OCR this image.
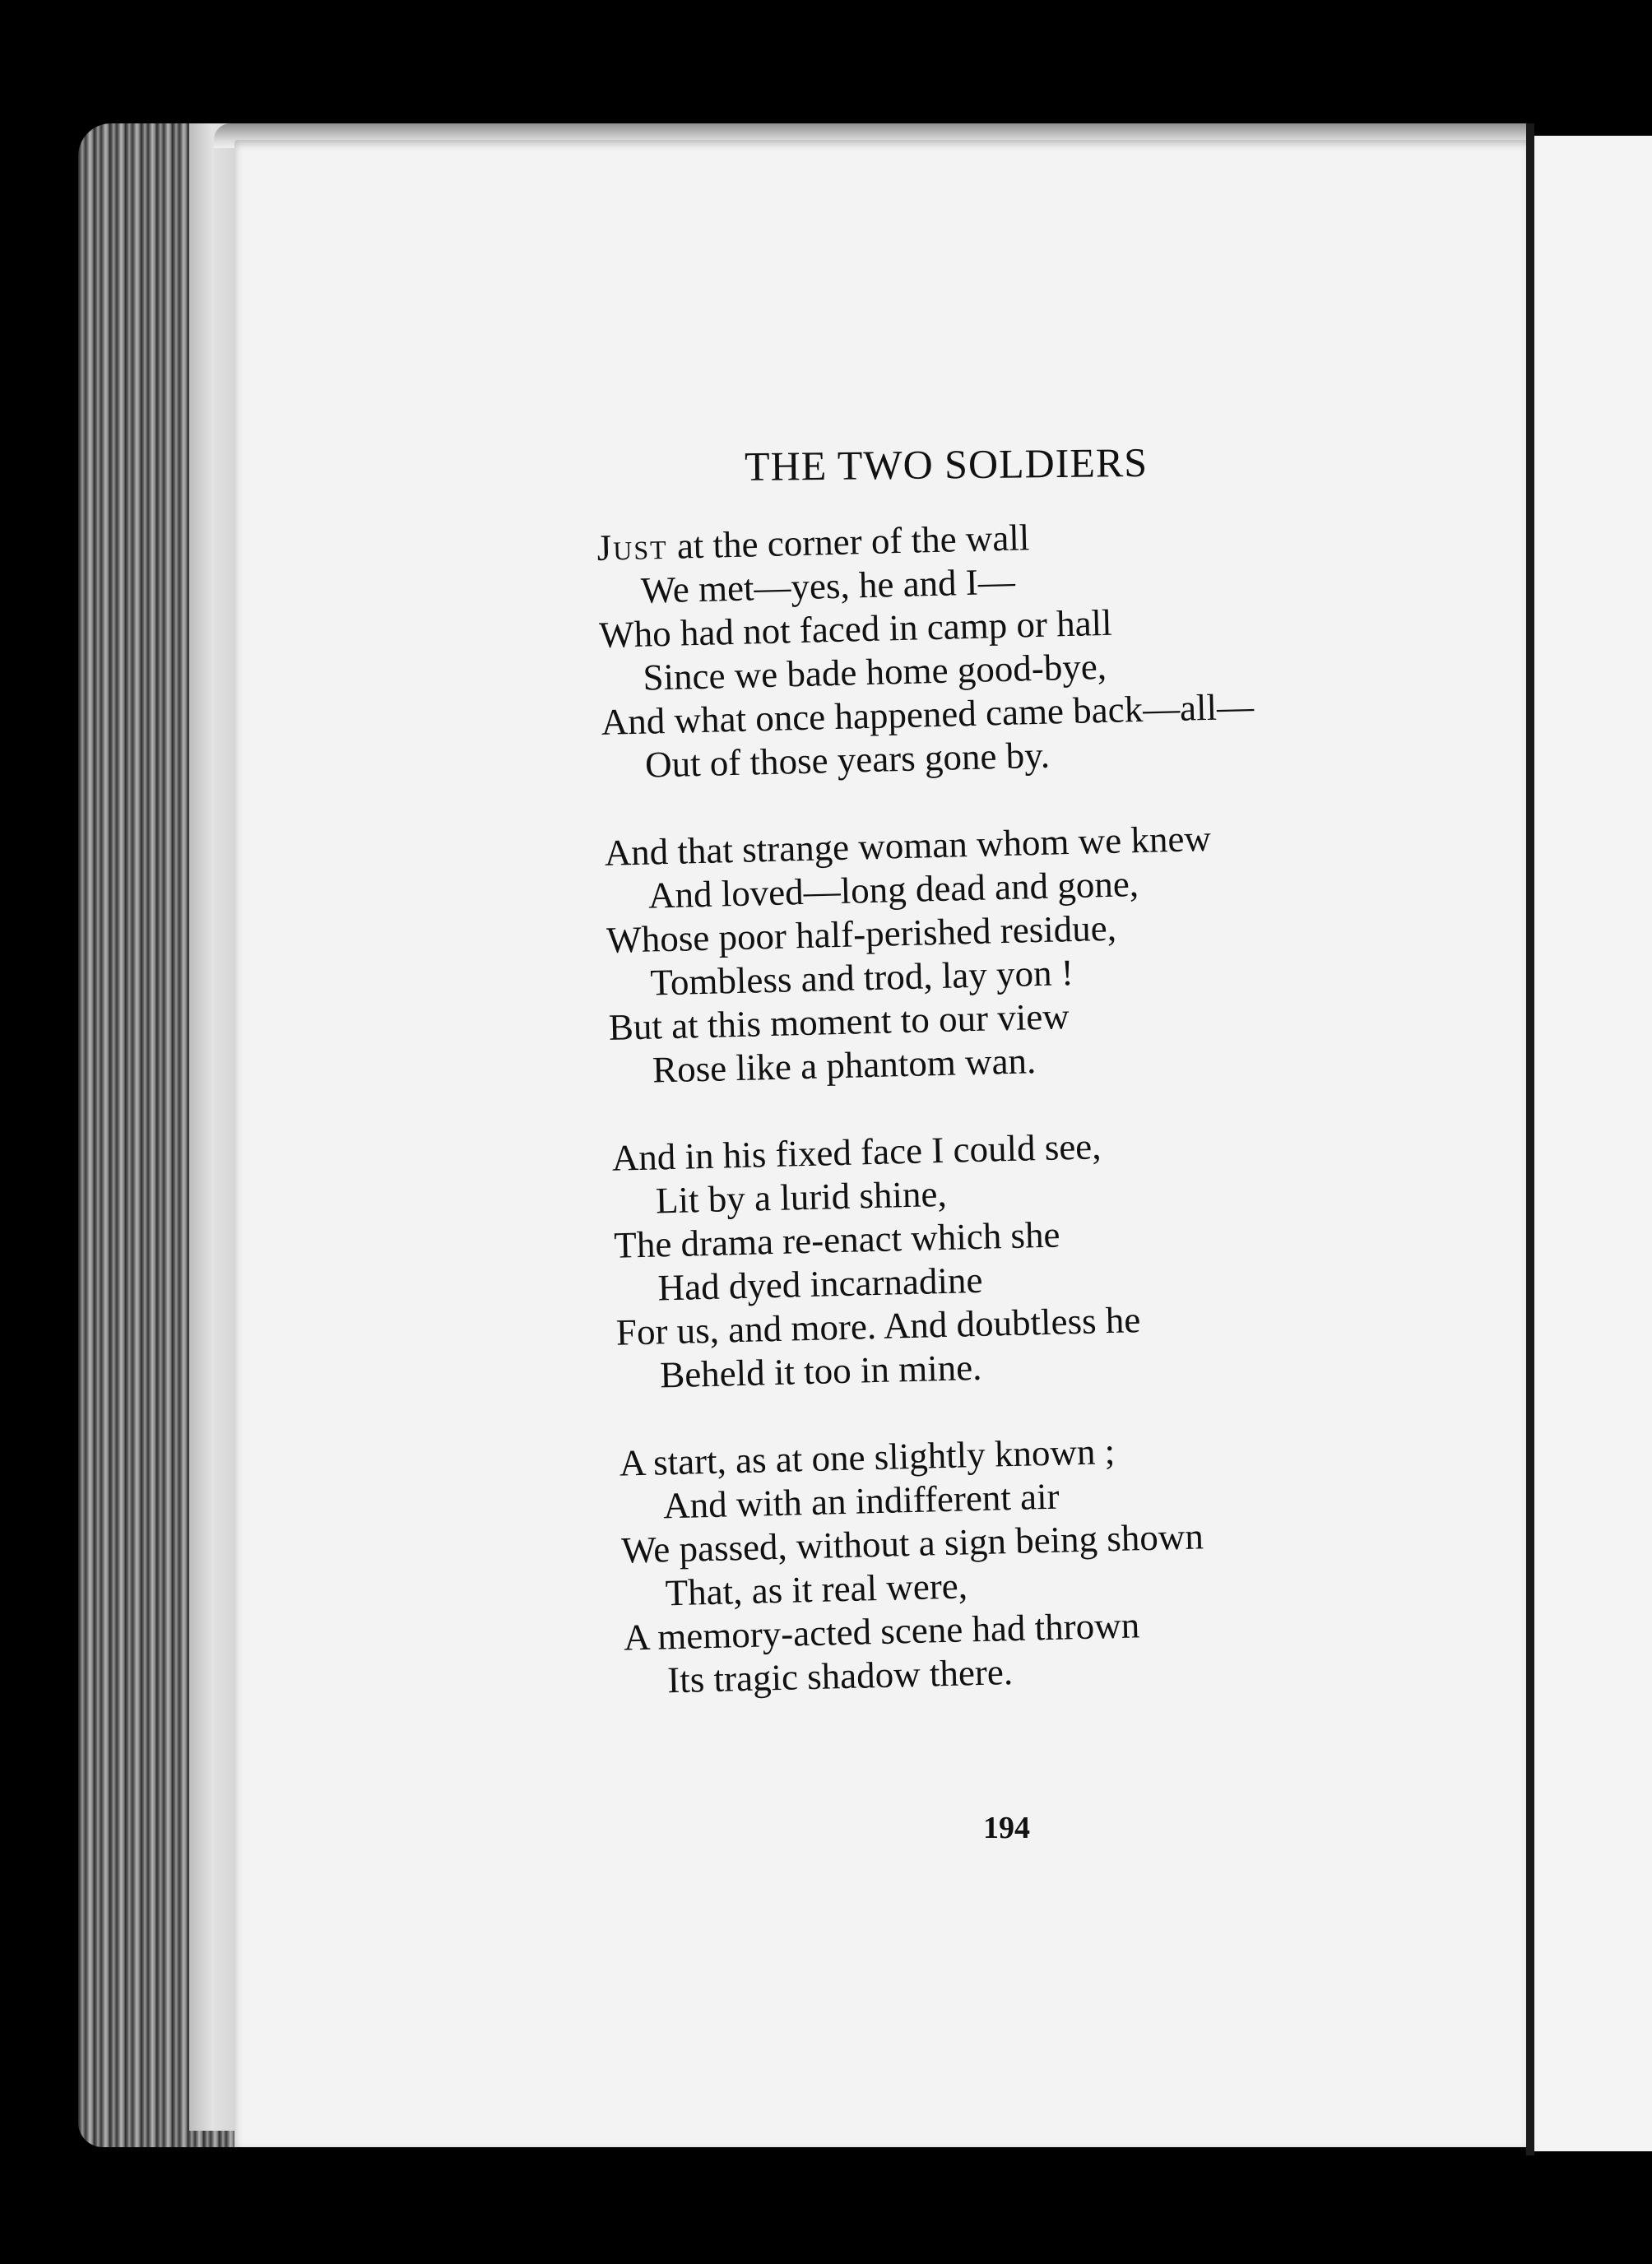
THE TWO SOLDIERS
Just at the corner of the wall
We met—yes, he and I—
Who had not faced in camp or hall
Since we bade home good-bye,
And what once happened came back—all—
Out of those years gone by.
And that strange woman whom we knew
And loved—long dead and gone,
Whose poor half-perished residue,
Tombless and trod, lay yon !
But at this moment to our view
Rose like a phantom wan.
And in his fixed face I could see,
Lit by a lurid shine,
The drama re-enact which she
Had dyed incarnadine
For us, and more. And doubtless he
Beheld it too in mine.
A start, as at one slightly known ;
And with an indifferent air
We passed, without a sign being shown
That, as it real were,
A memory-acted scene had thrown
Its tragic shadow there.
194
